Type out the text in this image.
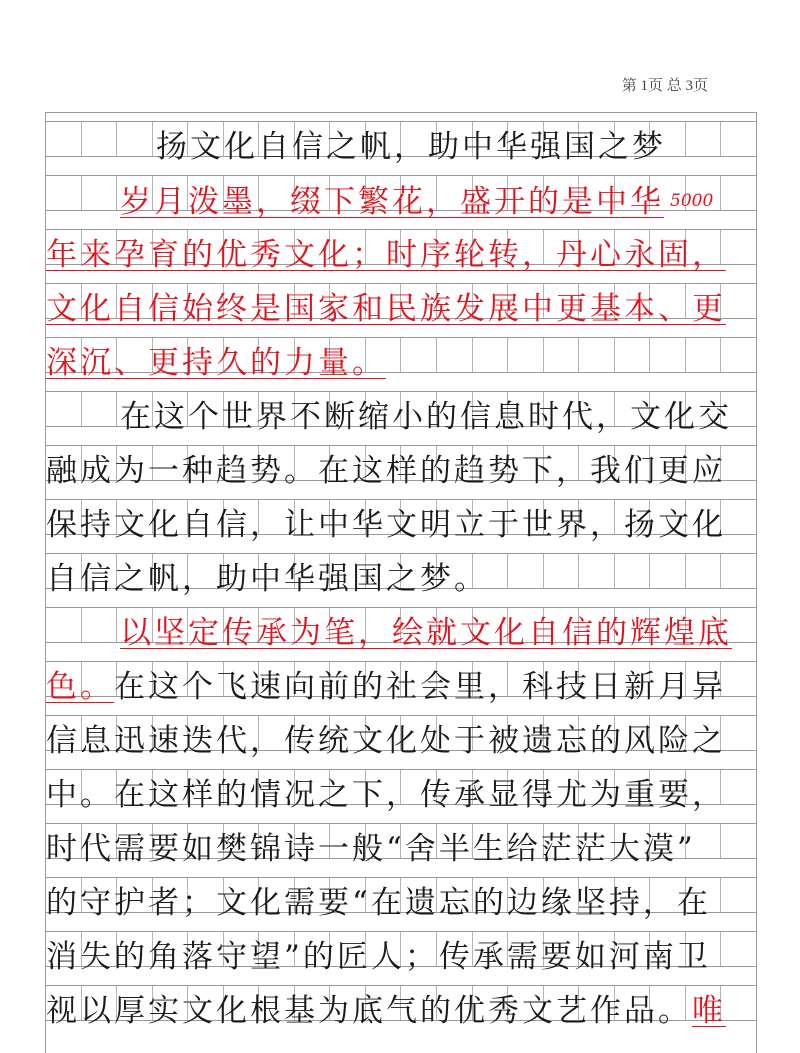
第 1页 总 3页
扬文化自信之帆，助中华强国之梦
岁月泼墨，缀下繁花，盛开的是中华 5000
年来孕育的优秀文化；时序轮转，丹心永固，
文化自信始终是国家和民族发展中更基本、更
深沉、更持久的力量。
在这个世界不断缩小的信息时代，文化交
融成为一种趋势。在这样的趋势下，我们更应
保持文化自信，让中华文明立于世界，扬文化
自信之帆，助中华强国之梦。
以坚定传承为笔，绘就文化自信的辉煌底
色。在这个飞速向前的社会里，科技日新月异
信息迅速迭代，传统文化处于被遗忘的风险之
中。在这样的情况之下，传承显得尤为重要，
时代需要如樊锦诗一般“舍半生给茫茫大漠”
的守护者；文化需要“在遗忘的边缘坚持，在
消失的角落守望”的匠人；传承需要如河南卫
视以厚实文化根基为底气的优秀文艺作品。唯
